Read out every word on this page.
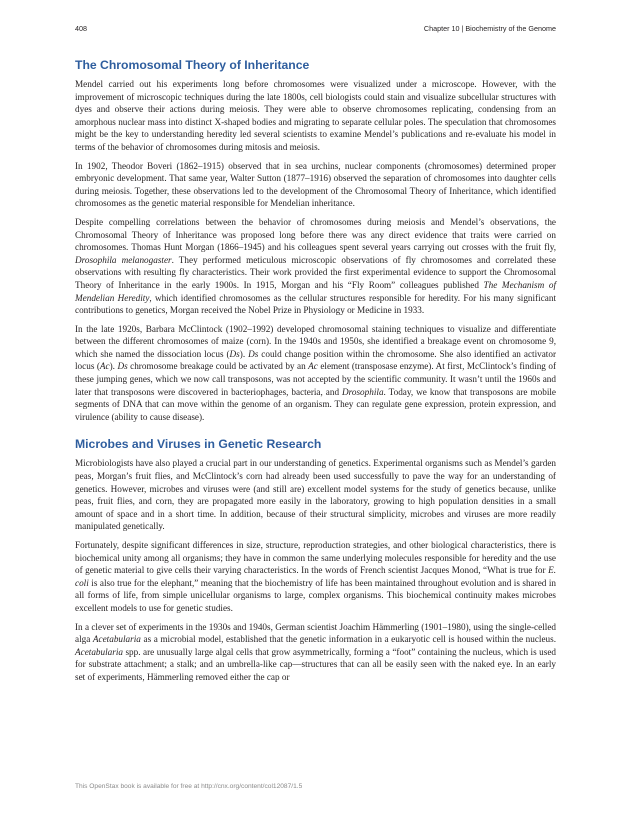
408	Chapter 10 | Biochemistry of the Genome
The Chromosomal Theory of Inheritance

Mendel carried out his experiments long before chromosomes were visualized under a microscope. However, with the improvement of microscopic techniques during the late 1800s, cell biologists could stain and visualize subcellular structures with dyes and observe their actions during meiosis. They were able to observe chromosomes replicating, condensing from an amorphous nuclear mass into distinct X-shaped bodies and migrating to separate cellular poles. The speculation that chromosomes might be the key to understanding heredity led several scientists to examine Mendel’s publications and re-evaluate his model in terms of the behavior of chromosomes during mitosis and meiosis.

In 1902, Theodor Boveri (1862–1915) observed that in sea urchins, nuclear components (chromosomes) determined proper embryonic development. That same year, Walter Sutton (1877–1916) observed the separation of chromosomes into daughter cells during meiosis. Together, these observations led to the development of the Chromosomal Theory of Inheritance, which identified chromosomes as the genetic material responsible for Mendelian inheritance.

Despite compelling correlations between the behavior of chromosomes during meiosis and Mendel’s observations, the Chromosomal Theory of Inheritance was proposed long before there was any direct evidence that traits were carried on chromosomes. Thomas Hunt Morgan (1866–1945) and his colleagues spent several years carrying out crosses with the fruit fly, Drosophila melanogaster. They performed meticulous microscopic observations of fly chromosomes and correlated these observations with resulting fly characteristics. Their work provided the first experimental evidence to support the Chromosomal Theory of Inheritance in the early 1900s. In 1915, Morgan and his “Fly Room” colleagues published The Mechanism of Mendelian Heredity, which identified chromosomes as the cellular structures responsible for heredity. For his many significant contributions to genetics, Morgan received the Nobel Prize in Physiology or Medicine in 1933.

In the late 1920s, Barbara McClintock (1902–1992) developed chromosomal staining techniques to visualize and differentiate between the different chromosomes of maize (corn). In the 1940s and 1950s, she identified a breakage event on chromosome 9, which she named the dissociation locus (Ds). Ds could change position within the chromosome. She also identified an activator locus (Ac). Ds chromosome breakage could be activated by an Ac element (transposase enzyme). At first, McClintock’s finding of these jumping genes, which we now call transposons, was not accepted by the scientific community. It wasn’t until the 1960s and later that transposons were discovered in bacteriophages, bacteria, and Drosophila. Today, we know that transposons are mobile segments of DNA that can move within the genome of an organism. They can regulate gene expression, protein expression, and virulence (ability to cause disease).

Microbes and Viruses in Genetic Research

Microbiologists have also played a crucial part in our understanding of genetics. Experimental organisms such as Mendel’s garden peas, Morgan’s fruit flies, and McClintock’s corn had already been used successfully to pave the way for an understanding of genetics. However, microbes and viruses were (and still are) excellent model systems for the study of genetics because, unlike peas, fruit flies, and corn, they are propagated more easily in the laboratory, growing to high population densities in a small amount of space and in a short time. In addition, because of their structural simplicity, microbes and viruses are more readily manipulated genetically.

Fortunately, despite significant differences in size, structure, reproduction strategies, and other biological characteristics, there is biochemical unity among all organisms; they have in common the same underlying molecules responsible for heredity and the use of genetic material to give cells their varying characteristics. In the words of French scientist Jacques Monod, “What is true for E. coli is also true for the elephant,” meaning that the biochemistry of life has been maintained throughout evolution and is shared in all forms of life, from simple unicellular organisms to large, complex organisms. This biochemical continuity makes microbes excellent models to use for genetic studies.

In a clever set of experiments in the 1930s and 1940s, German scientist Joachim Hämmerling (1901–1980), using the single-celled alga Acetabularia as a microbial model, established that the genetic information in a eukaryotic cell is housed within the nucleus. Acetabularia spp. are unusually large algal cells that grow asymmetrically, forming a “foot” containing the nucleus, which is used for substrate attachment; a stalk; and an umbrella-like cap—structures that can all be easily seen with the naked eye. In an early set of experiments, Hämmerling removed either the cap or

This OpenStax book is available for free at http://cnx.org/content/col12087/1.5
